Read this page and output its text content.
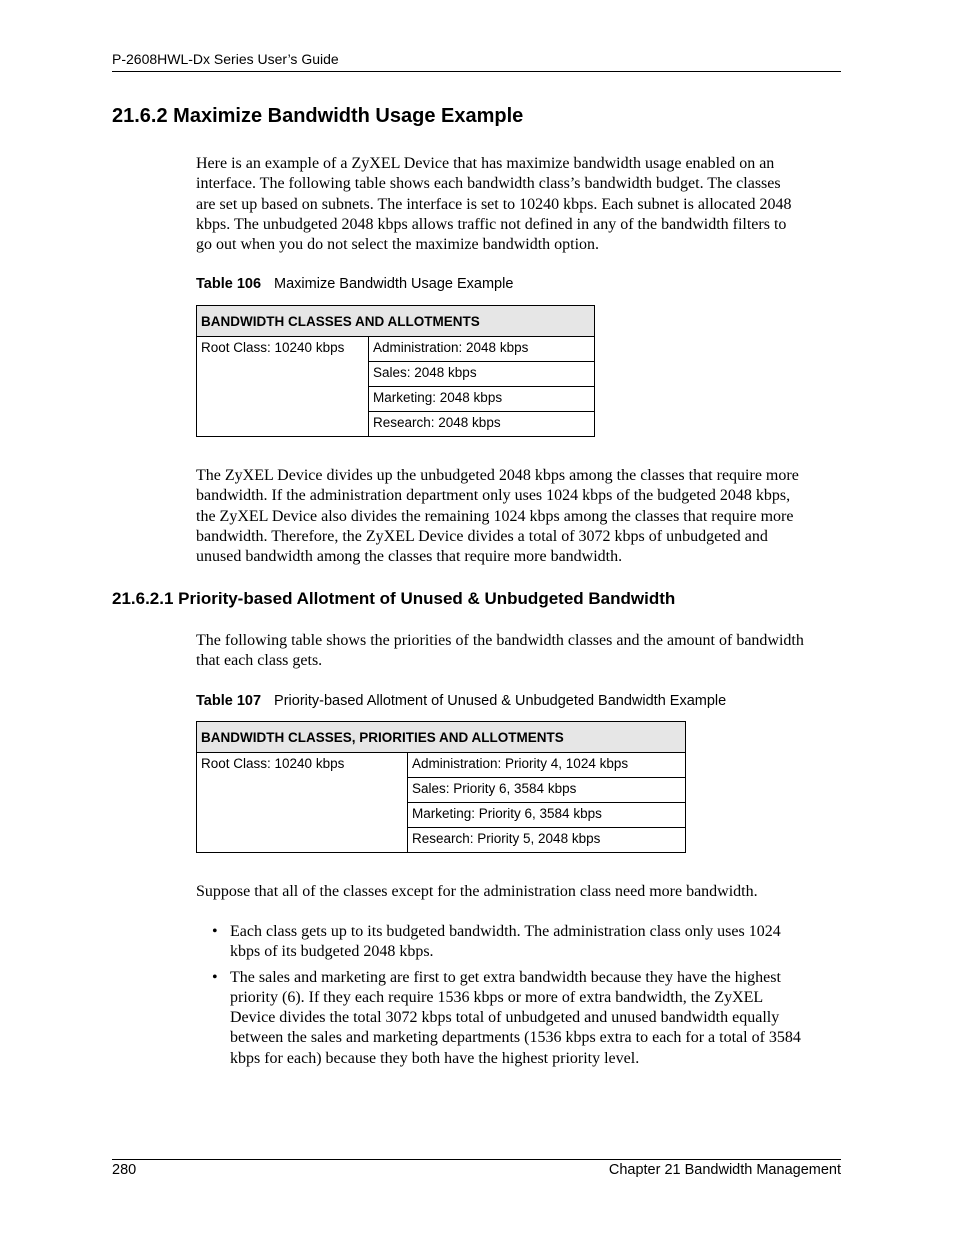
P-2608HWL-Dx Series User’s Guide
21.6.2 Maximize Bandwidth Usage Example
Here is an example of a ZyXEL Device that has maximize bandwidth usage enabled on an
interface. The following table shows each bandwidth class’s bandwidth budget. The classes
are set up based on subnets. The interface is set to 10240 kbps. Each subnet is allocated 2048
kbps. The unbudgeted 2048 kbps allows traffic not defined in any of the bandwidth filters to
go out when you do not select the maximize bandwidth option.
Table 106 Maximize Bandwidth Usage Example
BANDWIDTH CLASSES AND ALLOTMENTS
Root Class: 10240 kbps	Administration: 2048 kbps
Sales: 2048 kbps
Marketing: 2048 kbps
Research: 2048 kbps
The ZyXEL Device divides up the unbudgeted 2048 kbps among the classes that require more
bandwidth. If the administration department only uses 1024 kbps of the budgeted 2048 kbps,
the ZyXEL Device also divides the remaining 1024 kbps among the classes that require more
bandwidth. Therefore, the ZyXEL Device divides a total of 3072 kbps of unbudgeted and
unused bandwidth among the classes that require more bandwidth.
21.6.2.1 Priority-based Allotment of Unused & Unbudgeted Bandwidth
The following table shows the priorities of the bandwidth classes and the amount of bandwidth
that each class gets.
Table 107 Priority-based Allotment of Unused & Unbudgeted Bandwidth Example
BANDWIDTH CLASSES, PRIORITIES AND ALLOTMENTS
Root Class: 10240 kbps	Administration: Priority 4, 1024 kbps
Sales: Priority 6, 3584 kbps
Marketing: Priority 6, 3584 kbps
Research: Priority 5, 2048 kbps
Suppose that all of the classes except for the administration class need more bandwidth.
• Each class gets up to its budgeted bandwidth. The administration class only uses 1024
kbps of its budgeted 2048 kbps.
• The sales and marketing are first to get extra bandwidth because they have the highest
priority (6). If they each require 1536 kbps or more of extra bandwidth, the ZyXEL
Device divides the total 3072 kbps total of unbudgeted and unused bandwidth equally
between the sales and marketing departments (1536 kbps extra to each for a total of 3584
kbps for each) because they both have the highest priority level.
280	Chapter 21 Bandwidth Management
